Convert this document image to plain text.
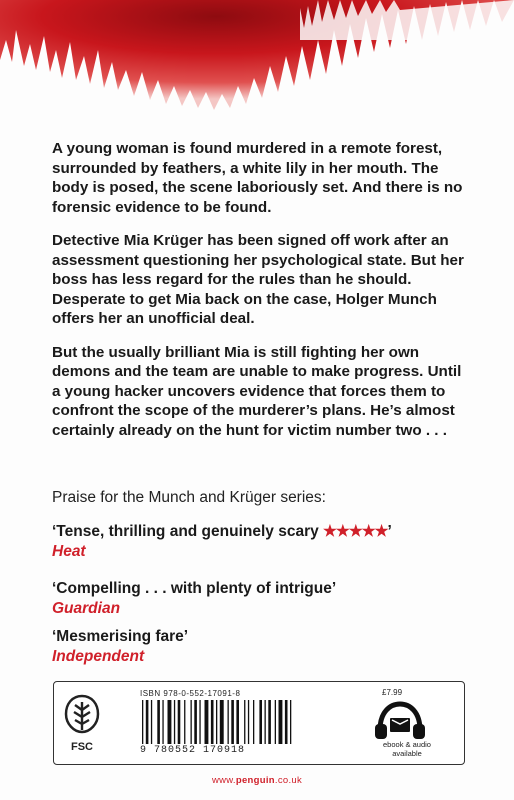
A young woman is found murdered in a remote forest, surrounded by feathers, a white lily in her mouth. The body is posed, the scene laboriously set. And there is no forensic evidence to be found.

Detective Mia Krüger has been signed off work after an assessment questioning her psychological state. But her boss has less regard for the rules than he should. Desperate to get Mia back on the case, Holger Munch offers her an unofficial deal.

But the usually brilliant Mia is still fighting her own demons and the team are unable to make progress. Until a young hacker uncovers evidence that forces them to confront the scope of the murderer’s plans. He’s almost certainly already on the hunt for victim number two . . .

Praise for the Munch and Krüger series:
‘Tense, thrilling and genuinely scary ★★★★★’
Heat
‘Compelling . . . with plenty of intrigue’
Guardian
‘Mesmerising fare’
Independent
FSC
ISBN 978-0-552-17091-8
9 780552 170918
£7.99
ebook & audio available
www.penguin.co.uk
